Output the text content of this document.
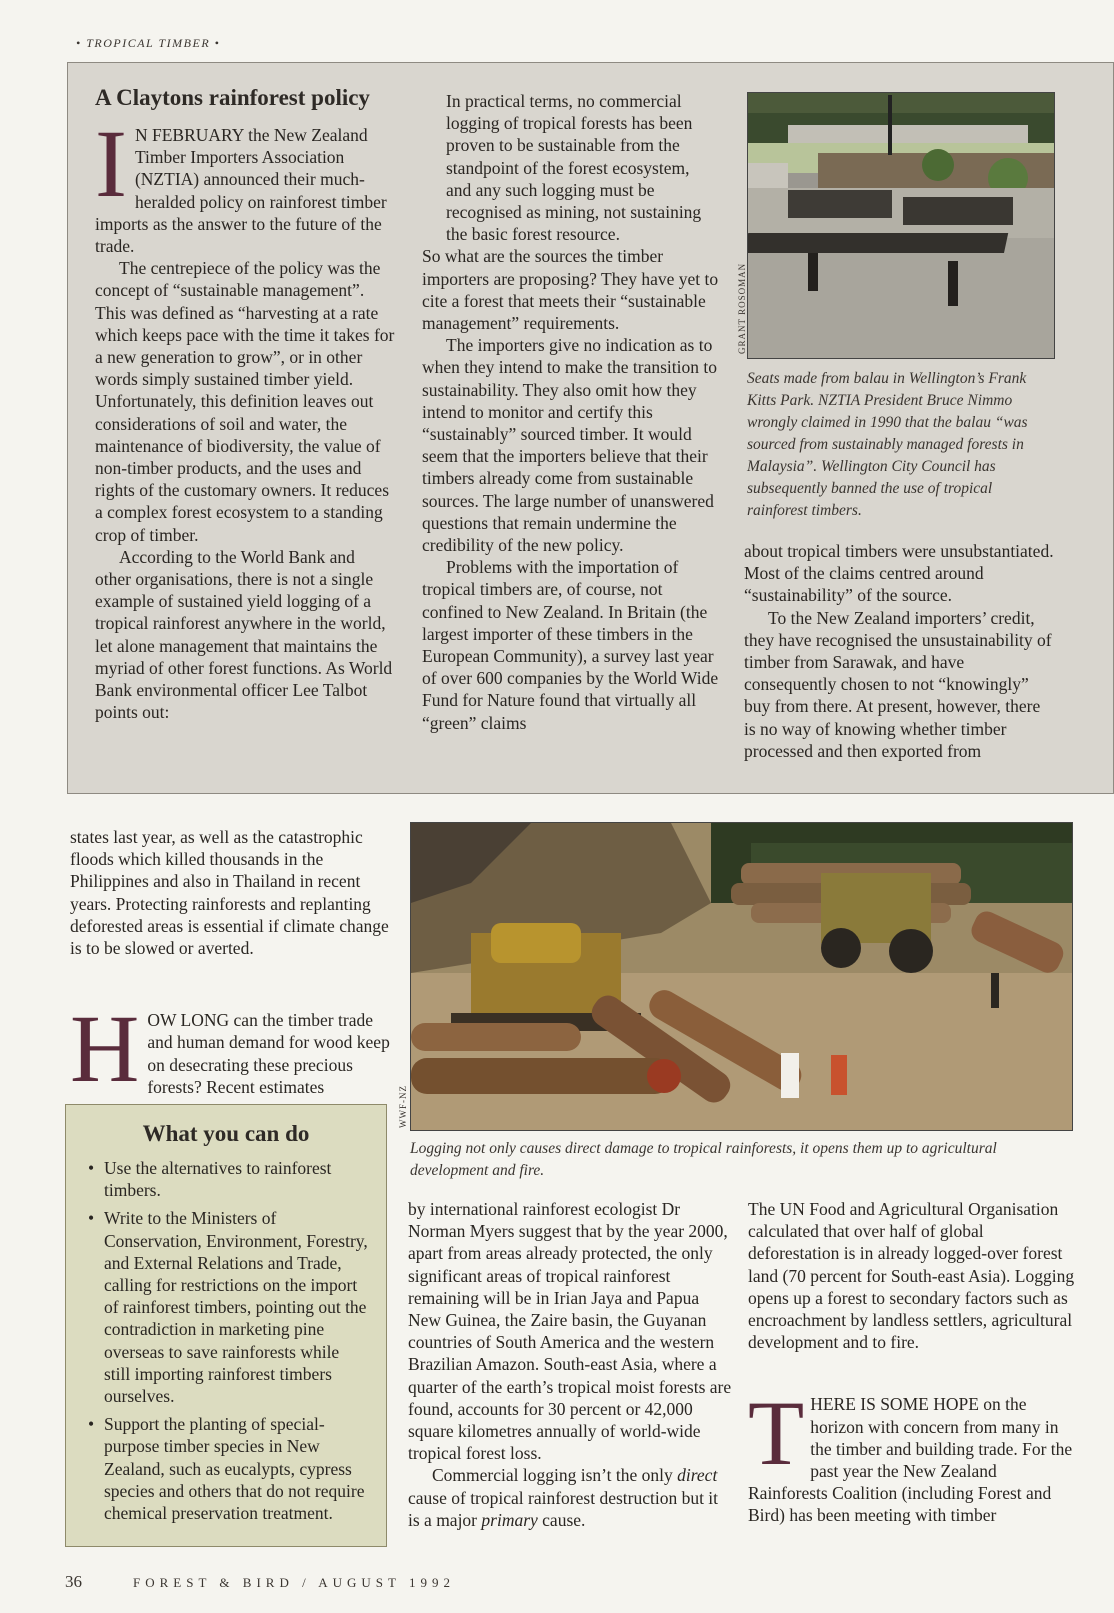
• TROPICAL TIMBER •
A Claytons rainforest policy

I N FEBRUARY the New Zealand Timber Importers Association (NZTIA) announced their much-heralded policy on rainforest timber imports as the answer to the future of the trade.

The centrepiece of the policy was the concept of “sustainable management”. This was defined as “harvesting at a rate which keeps pace with the time it takes for a new generation to grow”, or in other words simply sustained timber yield. Unfortunately, this definition leaves out considerations of soil and water, the maintenance of biodiversity, the value of non-timber products, and the uses and rights of the customary owners. It reduces a complex forest ecosystem to a standing crop of timber.

According to the World Bank and other organisations, there is not a single example of sustained yield logging of a tropical rainforest anywhere in the world, let alone management that maintains the myriad of other forest functions. As World Bank environmental officer Lee Talbot points out:

In practical terms, no commercial logging of tropical forests has been proven to be sustainable from the standpoint of the forest ecosystem, and any such logging must be recognised as mining, not sustaining the basic forest resource.

So what are the sources the timber importers are proposing? They have yet to cite a forest that meets their “sustainable management” requirements.

The importers give no indication as to when they intend to make the transition to sustainability. They also omit how they intend to monitor and certify this “sustainably” sourced timber. It would seem that the importers believe that their timbers already come from sustainable sources. The large number of unanswered questions that remain undermine the credibility of the new policy.

Problems with the importation of tropical timbers are, of course, not confined to New Zealand. In Britain (the largest importer of these timbers in the European Community), a survey last year of over 600 companies by the World Wide Fund for Nature found that virtually all “green” claims

GRANT ROSOMAN
Seats made from balau in Wellington’s Frank Kitts Park. NZTIA President Bruce Nimmo wrongly claimed in 1990 that the balau “was sourced from sustainably managed forests in Malaysia”. Wellington City Council has subsequently banned the use of tropical rainforest timbers.

about tropical timbers were unsubstantiated. Most of the claims centred around “sustainability” of the source.

To the New Zealand importers’ credit, they have recognised the unsustainability of timber from Sarawak, and have consequently chosen to not “knowingly” buy from there. At present, however, there is no way of knowing whether timber processed and then exported from

states last year, as well as the catastrophic floods which killed thousands in the Philippines and also in Thailand in recent years. Protecting rainforests and replanting deforested areas is essential if climate change is to be slowed or averted.

HOW LONG can the timber trade and human demand for wood keep on desecrating these precious forests? Recent estimates	WWF-NZ
Logging not only causes direct damage to tropical rainforests, it opens them up to agricultural development and fire.

by international rainforest ecologist Dr Norman Myers suggest that by the year 2000, apart from areas already protected, the only significant areas of tropical rainforest remaining will be in Irian Jaya and Papua New Guinea, the Zaire basin, the Guyanan countries of South America and the western Brazilian Amazon. South-east Asia, where a quarter of the earth’s tropical moist forests are found, accounts for 30 percent or 42,000 square kilometres annually of world-wide tropical forest loss.

Commercial logging isn’t the only direct cause of tropical rainforest destruction but it is a major primary cause.

The UN Food and Agricultural Organisation calculated that over half of global deforestation is in already logged-over forest land (70 percent for South-east Asia). Logging opens up a forest to secondary factors such as encroachment by landless settlers, agricultural development and to fire.

THERE IS SOME HOPE on the horizon with concern from many in the timber and building trade. For the past year the New Zealand Rainforests Coalition (including Forest and Bird) has been meeting with timber

What you can do
• Use the alternatives to rainforest timbers.
• Write to the Ministers of Conservation, Environment, Forestry, and External Relations and Trade, calling for restrictions on the import of rainforest timbers, pointing out the contradiction in marketing pine overseas to save rainforests while still importing rainforest timbers ourselves.
• Support the planting of special-purpose timber species in New Zealand, such as eucalypts, cypress species and others that do not require chemical preservation treatment.
36	FOREST & BIRD / AUGUST 1992
